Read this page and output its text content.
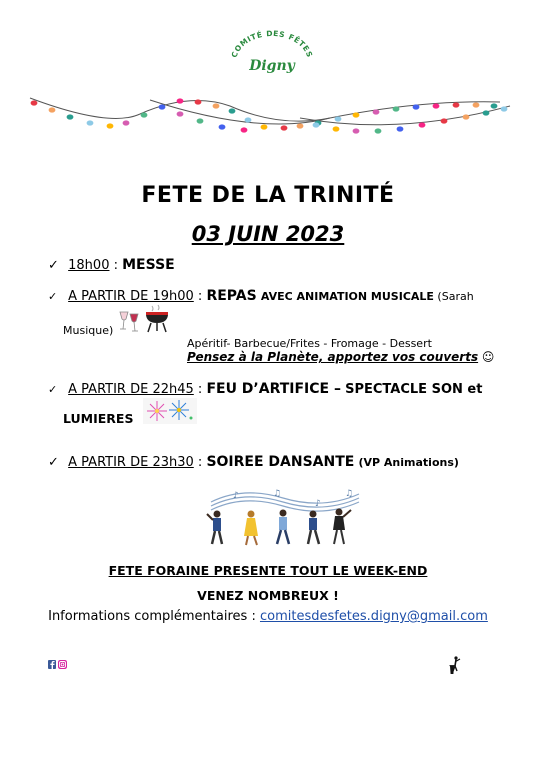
COMITÉ DES FÊTES
Digny
FETE DE LA TRINITÉ
03 JUIN 2023
✓ 18h00 : MESSE
✓ A PARTIR DE 19h00 : REPAS AVEC ANIMATION MUSICALE (Sarah
Musique)
Apéritif- Barbecue/Frites - Fromage - Dessert
Pensez à la Planète, apportez vos couverts ☺
✓ A PARTIR DE 22h45 : FEU D’ARTIFICE – SPECTACLE SON et
LUMIERES
✓ A PARTIR DE 23h30 : SOIREE DANSANTE (VP Animations)
♪	♫
♪
♫
FETE FORAINE PRESENTE TOUT LE WEEK-END
VENEZ NOMBREUX !
Informations complémentaires : comitesdesfetes.digny@gmail.com
